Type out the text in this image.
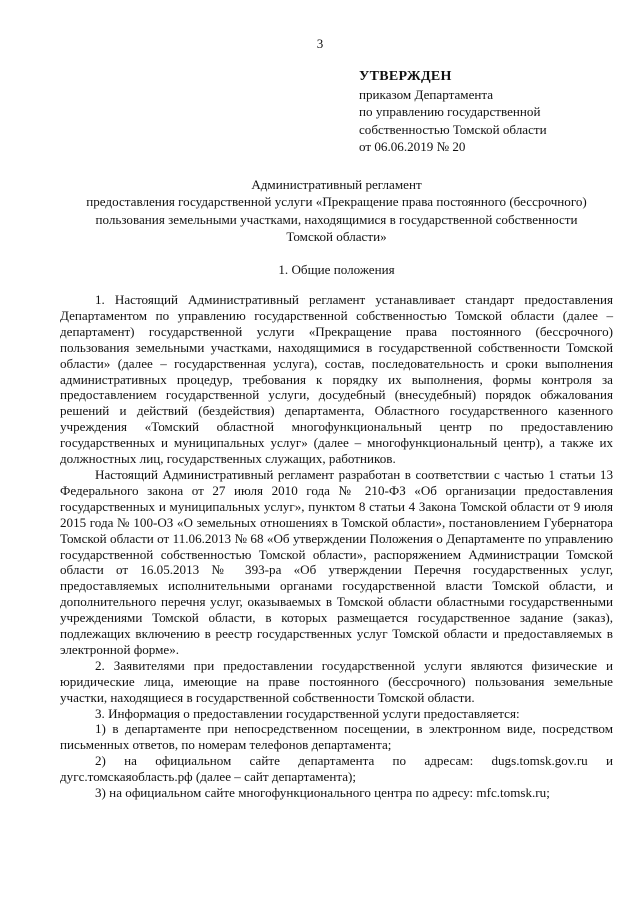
3
УТВЕРЖДЕН
приказом Департамента
по управлению государственной
собственностью Томской области
от 06.06.2019 № 20
Административный регламент
предоставления государственной услуги «Прекращение права постоянного (бессрочного)
пользования земельными участками, находящимися в государственной собственности
Томской области»
1. Общие положения

1. Настоящий Административный регламент устанавливает стандарт предоставления Департаментом по управлению государственной собственностью Томской области (далее – департамент) государственной услуги «Прекращение права постоянного (бессрочного) пользования земельными участками, находящимися в государственной собственности Томской области» (далее – государственная услуга), состав, последовательность и сроки выполнения административных процедур, требования к порядку их выполнения, формы контроля за предоставлением государственной услуги, досудебный (внесудебный) порядок обжалования решений и действий (бездействия) департамента, Областного государственного казенного учреждения «Томский областной многофункциональный центр по предоставлению государственных и муниципальных услуг» (далее – многофункциональный центр), а также их должностных лиц, государственных служащих, работников.

Настоящий Административный регламент разработан в соответствии с частью 1 статьи 13 Федерального закона от 27 июля 2010 года № 210-ФЗ «Об организации предоставления государственных и муниципальных услуг», пунктом 8 статьи 4 Закона Томской области от 9 июля 2015 года № 100-ОЗ «О земельных отношениях в Томской области», постановлением Губернатора Томской области от 11.06.2013 № 68 «Об утверждении Положения о Департаменте по управлению государственной собственностью Томской области», распоряжением Администрации Томской области от 16.05.2013 № 393-ра «Об утверждении Перечня государственных услуг, предоставляемых исполнительными органами государственной власти Томской области, и дополнительного перечня услуг, оказываемых в Томской области областными государственными учреждениями Томской области, в которых размещается государственное задание (заказ), подлежащих включению в реестр государственных услуг Томской области и предоставляемых в электронной форме».

2. Заявителями при предоставлении государственной услуги являются физические и юридические лица, имеющие на праве постоянного (бессрочного) пользования земельные участки, находящиеся в государственной собственности Томской области.

3. Информация о предоставлении государственной услуги предоставляется:

1) в департаменте при непосредственном посещении, в электронном виде, посредством письменных ответов, по номерам телефонов департамента;

2) на официальном сайте департамента по адресам: dugs.tomsk.gov.ru и дугс.томскаяобласть.рф (далее – сайт департамента);

3) на официальном сайте многофункционального центра по адресу: mfc.tomsk.ru;
